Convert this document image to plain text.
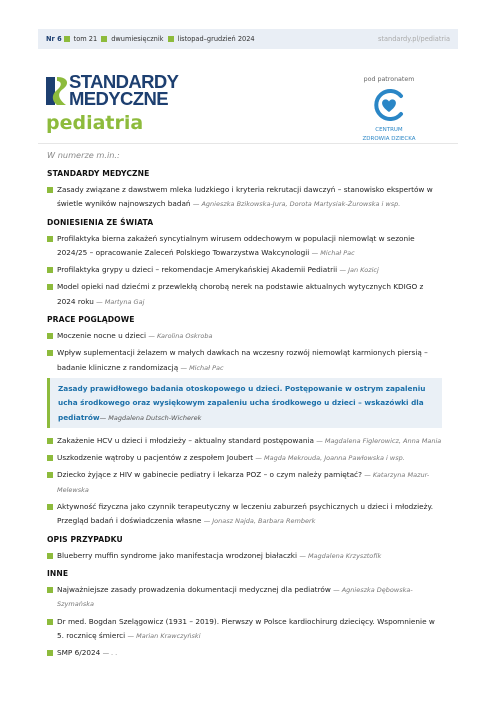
Nr 6 tom 21 dwumiesięcznik listopad–grudzień 2024	standardy.pl/pediatria
STANDARDY
MEDYCZNE
pediatria
pod patronatem
CENTRUM
ZDROWIA DZIECKA
W numerze m.in.:
STANDARDY MEDYCZNE
Zasady związane z dawstwem mleka ludzkiego i kryteria rekrutacji dawczyń – stanowisko ekspertów w świetle wyników najnowszych badań — Agnieszka Bzikowska-Jura, Dorota Martysiak-Żurowska i wsp.
DONIESIENIA ZE ŚWIATA
Profilaktyka bierna zakażeń syncytialnym wirusem oddechowym w populacji niemowląt w sezonie 2024/25 – opracowanie Zaleceń Polskiego Towarzystwa Wakcynologii — Michał Pac
Profilaktyka grypy u dzieci – rekomendacje Amerykańskiej Akademii Pediatrii — Jan Kozicj
Model opieki nad dziećmi z przewlekłą chorobą nerek na podstawie aktualnych wytycznych KDIGO z 2024 roku — Martyna Gaj
PRACE POGLĄDOWE
Moczenie nocne u dzieci — Karolina Oskroba
Wpływ suplementacji żelazem w małych dawkach na wczesny rozwój niemowląt karmionych piersią – badanie kliniczne z randomizacją — Michał Pac
Zasady prawidłowego badania otoskopowego u dzieci. Postępowanie w ostrym zapaleniu ucha środkowego oraz wysiękowym zapaleniu ucha środkowego u dzieci – wskazówki dla pediatrów— Magdalena Dutsch-Wicherek
Zakażenie HCV u dzieci i młodzieży – aktualny standard postępowania — Magdalena Figlerowicz, Anna Mania
Uszkodzenie wątroby u pacjentów z zespołem Joubert — Magda Mekrouda, Joanna Pawłowska i wsp.
Dziecko żyjące z HIV w gabinecie pediatry i lekarza POZ – o czym należy pamiętać? — Katarzyna Mazur-Melewska
Aktywność fizyczna jako czynnik terapeutyczny w leczeniu zaburzeń psychicznych u dzieci i młodzieży. Przegląd badań i doświadczenia własne — Jonasz Najda, Barbara Remberk
OPIS PRZYPADKU
Blueberry muffin syndrome jako manifestacja wrodzonej białaczki — Magdalena Krzysztofik
INNE
Najważniejsze zasady prowadzenia dokumentacji medycznej dla pediatrów — Agnieszka Dębowska-Szymańska
Dr med. Bogdan Szelągowicz (1931 – 2019). Pierwszy w Polsce kardiochirurg dziecięcy. Wspomnienie w 5. rocznicę śmierci — Marian Krawczyński
SMP 6/2024 — . .
